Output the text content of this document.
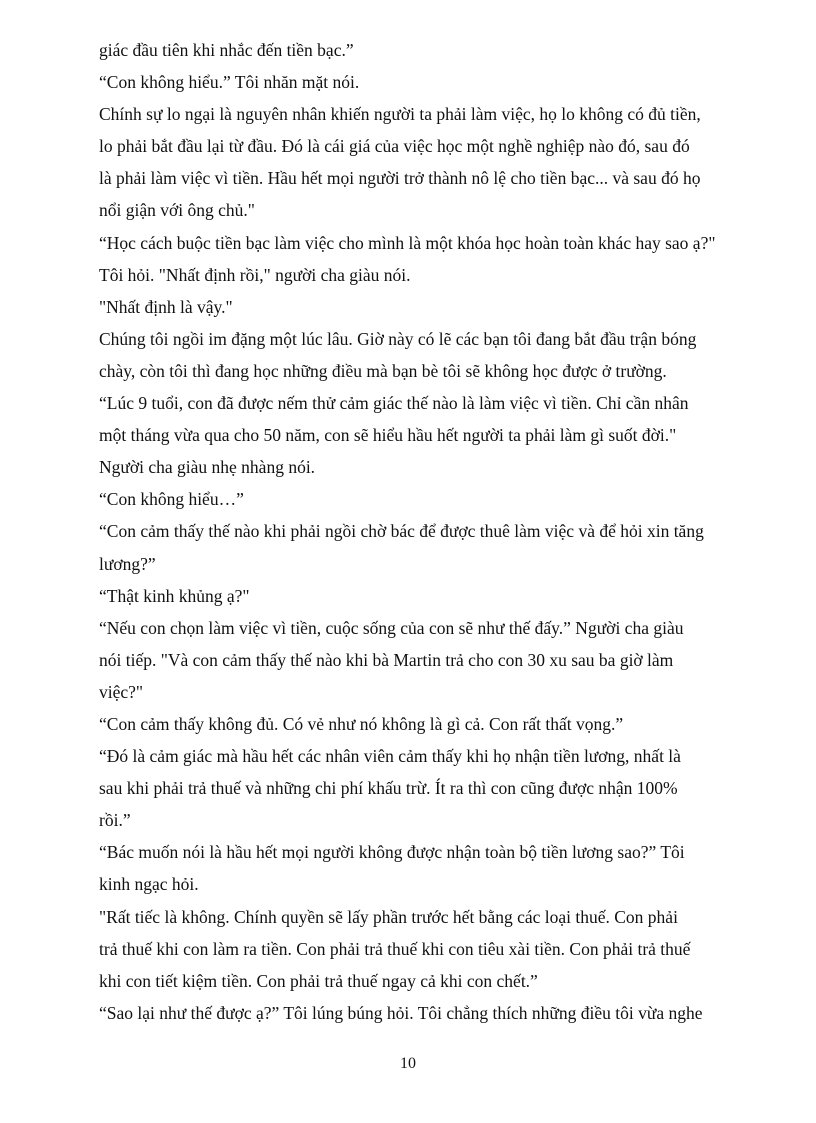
giác đầu tiên khi nhắc đến tiền bạc.”
“Con không hiểu.” Tôi nhăn mặt nói.
Chính sự lo ngại là nguyên nhân khiến người ta phải làm việc, họ lo không có đủ tiền,
lo phải bắt đầu lại từ đầu. Đó là cái giá của việc học một nghề nghiệp nào đó, sau đó
là phải làm việc vì tiền. Hầu hết mọi người trở thành nô lệ cho tiền bạc... và sau đó họ
nổi giận với ông chủ."
“Học cách buộc tiền bạc làm việc cho mình là một khóa học hoàn toàn khác hay sao ạ?"
Tôi hỏi. "Nhất định rồi," người cha giàu nói.
"Nhất định là vậy."
Chúng tôi ngồi im đặng một lúc lâu. Giờ này có lẽ các bạn tôi đang bắt đầu trận bóng
chày, còn tôi thì đang học những điều mà bạn bè tôi sẽ không học được ở trường.
“Lúc 9 tuổi, con đã được nếm thử cảm giác thế nào là làm việc vì tiền. Chỉ cần nhân
một tháng vừa qua cho 50 năm, con sẽ hiểu hầu hết người ta phải làm gì suốt đời."
Người cha giàu nhẹ nhàng nói.
“Con không hiểu…”
“Con cảm thấy thế nào khi phải ngồi chờ bác để được thuê làm việc và để hỏi xin tăng
lương?”
“Thật kinh khủng ạ?"
“Nếu con chọn làm việc vì tiền, cuộc sống của con sẽ như thế đấy.” Người cha giàu
nói tiếp. "Và con cảm thấy thế nào khi bà Martin trả cho con 30 xu sau ba giờ làm
việc?"
“Con cảm thấy không đủ. Có vẻ như nó không là gì cả. Con rất thất vọng.”
“Đó là cảm giác mà hầu hết các nhân viên cảm thấy khi họ nhận tiền lương, nhất là
sau khi phải trả thuế và những chi phí khấu trừ. Ít ra thì con cũng được nhận 100%
rồi.”
“Bác muốn nói là hầu hết mọi người không được nhận toàn bộ tiền lương sao?” Tôi
kinh ngạc hỏi.
"Rất tiếc là không. Chính quyền sẽ lấy phần trước hết bằng các loại thuế. Con phải
trả thuế khi con làm ra tiền. Con phải trả thuế khi con tiêu xài tiền. Con phải trả thuế
khi con tiết kiệm tiền. Con phải trả thuế ngay cả khi con chết.”
“Sao lại như thế được ạ?” Tôi lúng búng hỏi. Tôi chẳng thích những điều tôi vừa nghe
10
